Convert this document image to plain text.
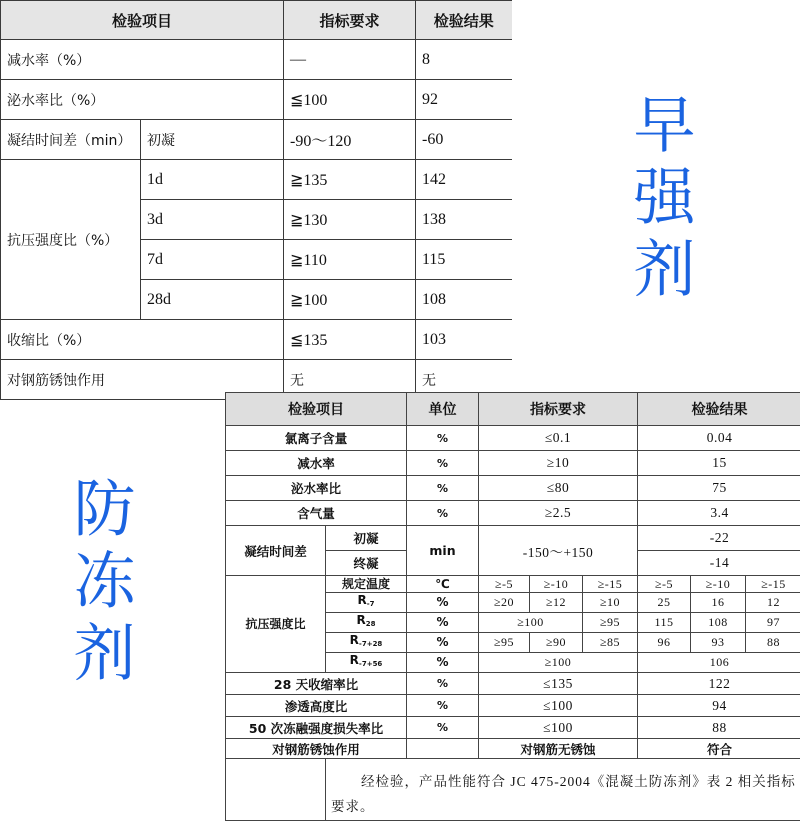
检验项目		指标要求	检验结果
减水率（%）		—	8
泌水率比（%）		≦100	92
凝结时间差（min）	初凝	-90～120	-60
抗压强度比（%）	1d	≧135	142
	3d	≧130	138
	7d	≧110	115
	28d	≧100	108
收缩比（%）		≦135	103
对钢筋锈蚀作用		无	无
检验项目		单位	指标要求			检验结果		
氯离子含量		%	≤0.1			0.04		
减水率		%	≥10			15		
泌水率比		%	≤80			75		
含气量		%	≥2.5			3.4		
凝结时间差	初凝	min	-150～+150			-22		
	终凝					-14		
抗压强度比	规定温度	℃	≥-5	≥-10	≥-15	≥-5	≥-10	≥-15
	$R_{-7}$	%	≥20	≥12	≥10	25	16	12
	$R_{28}$	%	≥100		≥95	115	108	97
	$R_{-7+28}$	%	≥95	≥90	≥85	96	93	88
	$R_{-7+56}$	%	≥100			106		
28 天收缩率比		%	≤135			122		
渗透高度比		%	≤100			94		
50 次冻融强度损失率比		%	≤100			88		
对钢筋锈蚀作用			对钢筋无锈蚀			符合		
	经检验，产品性能符合 JC 475-2004《混凝土防冻剂》表 2 相关指标要求。							
早强剂
防冻剂
